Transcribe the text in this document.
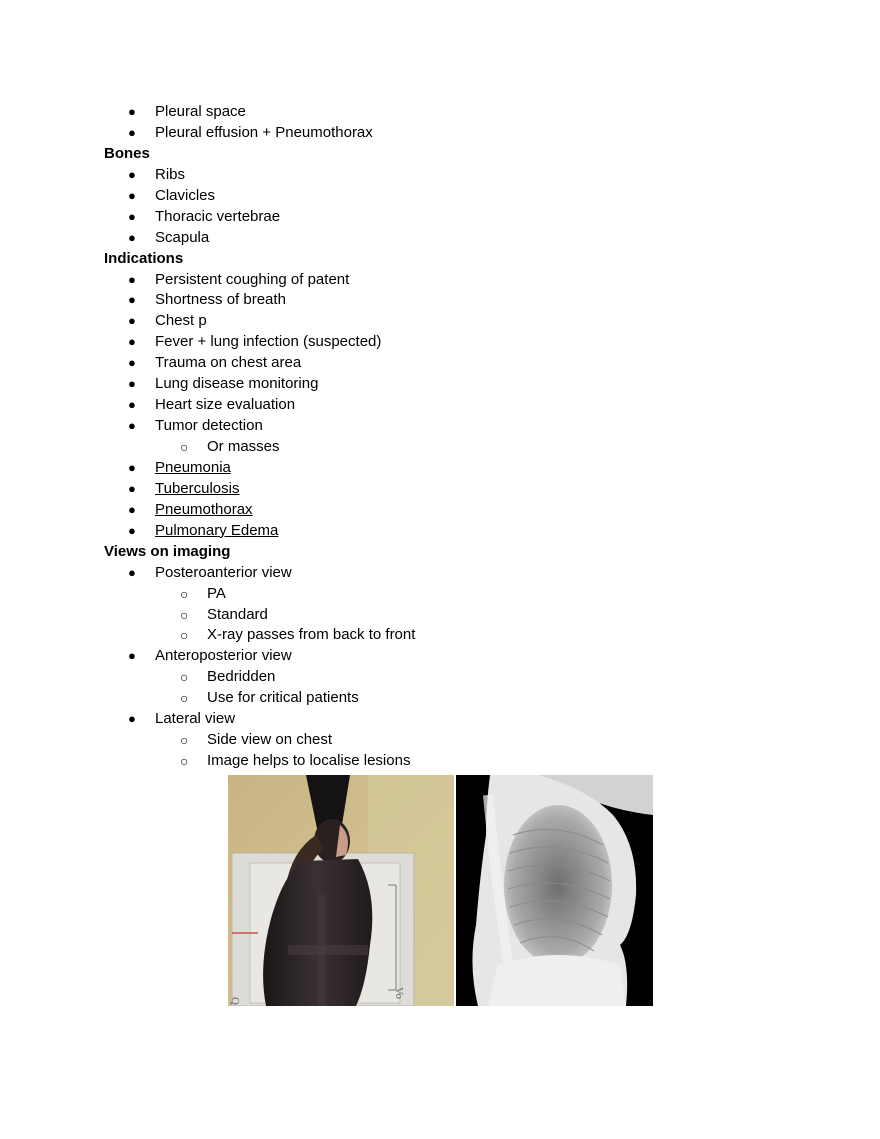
● Pleural space
● Pleural effusion + Pneumothorax
Bones
● Ribs
● Clavicles
● Thoracic vertebrae
● Scapula
Indications
● Persistent coughing of patent
● Shortness of breath
● Chest p
● Fever + lung infection (suspected)
● Trauma on chest area
● Lung disease monitoring
● Heart size evaluation
● Tumor detection
○ Or masses
● Pneumonia
● Tuberculosis
● Pneumothorax
● Pulmonary Edema
Views on imaging
● Posteroanterior view
○ PA
○ Standard
○ X-ray passes from back to front
● Anteroposterior view
○ Bedridden
○ Use for critical patients
● Lateral view
○ Side view on chest
○ Image helps to localise lesions
Q
Vo
